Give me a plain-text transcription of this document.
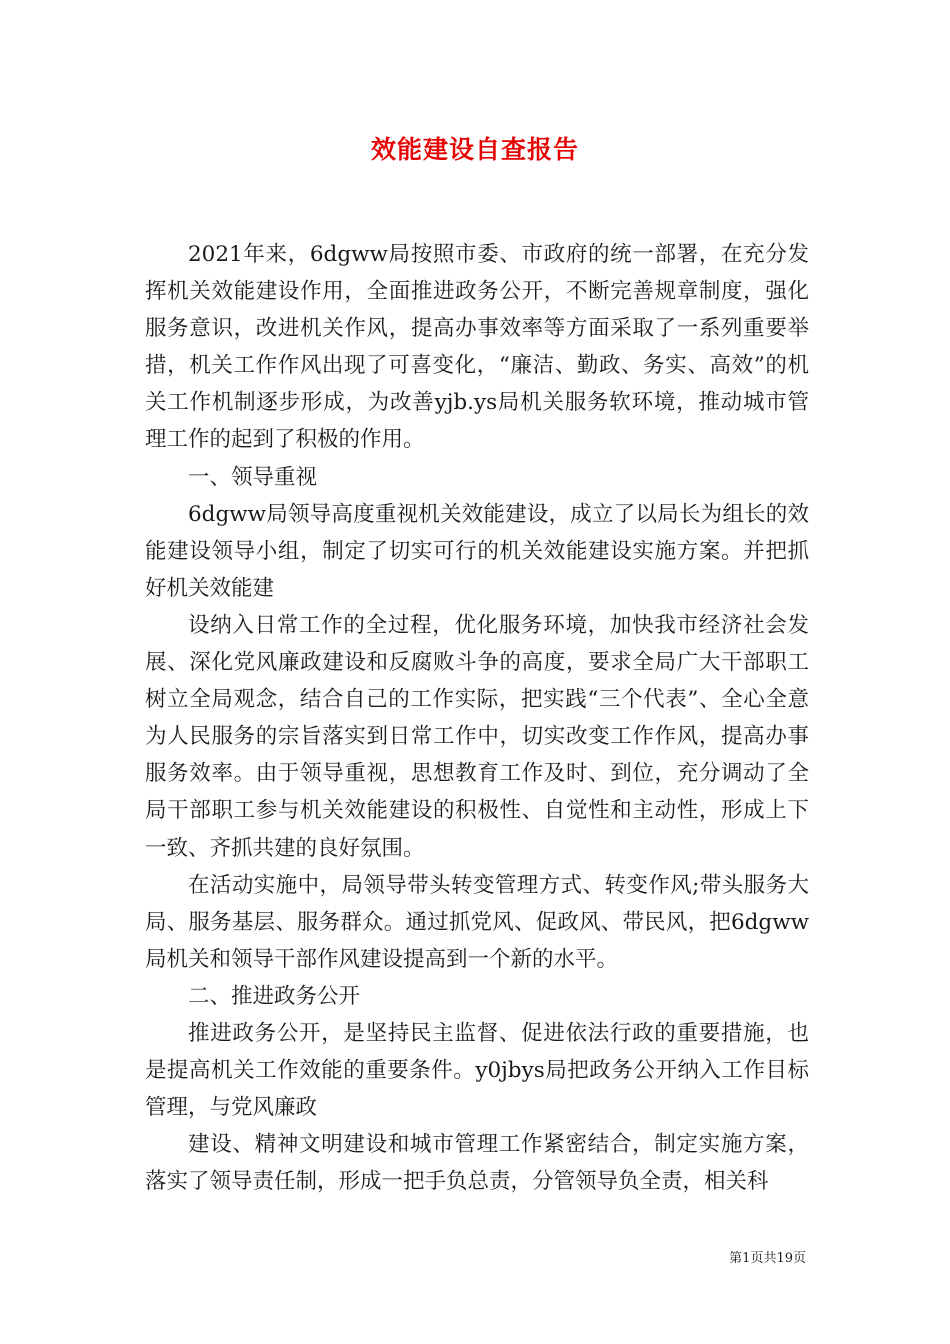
效能建设自查报告

2021年来，6dgww局按照市委、市政府的统一部署，在充分发挥机关效能建设作用，全面推进政务公开，不断完善规章制度，强化服务意识，改进机关作风，提高办事效率等方面采取了一系列重要举措，机关工作作风出现了可喜变化，“廉洁、勤政、务实、高效”的机关工作机制逐步形成，为改善yjb.ys局机关服务软环境，推动城市管理工作的起到了积极的作用。

一、领导重视

6dgww局领导高度重视机关效能建设，成立了以局长为组长的效能建设领导小组，制定了切实可行的机关效能建设实施方案。并把抓好机关效能建

设纳入日常工作的全过程，优化服务环境，加快我市经济社会发展、深化党风廉政建设和反腐败斗争的高度，要求全局广大干部职工树立全局观念，结合自己的工作实际，把实践“三个代表”、全心全意为人民服务的宗旨落实到日常工作中，切实改变工作作风，提高办事服务效率。由于领导重视，思想教育工作及时、到位，充分调动了全局干部职工参与机关效能建设的积极性、自觉性和主动性，形成上下一致、齐抓共建的良好氛围。

在活动实施中，局领导带头转变管理方式、转变作风;带头服务大局、服务基层、服务群众。通过抓党风、促政风、带民风，把6dgww局机关和领导干部作风建设提高到一个新的水平。

二、推进政务公开

推进政务公开，是坚持民主监督、促进依法行政的重要措施，也是提高机关工作效能的重要条件。y0jbys局把政务公开纳入工作目标管理，与党风廉政

建设、精神文明建设和城市管理工作紧密结合，制定实施方案，落实了领导责任制，形成一把手负总责，分管领导负全责，相关科

第1页共19页
